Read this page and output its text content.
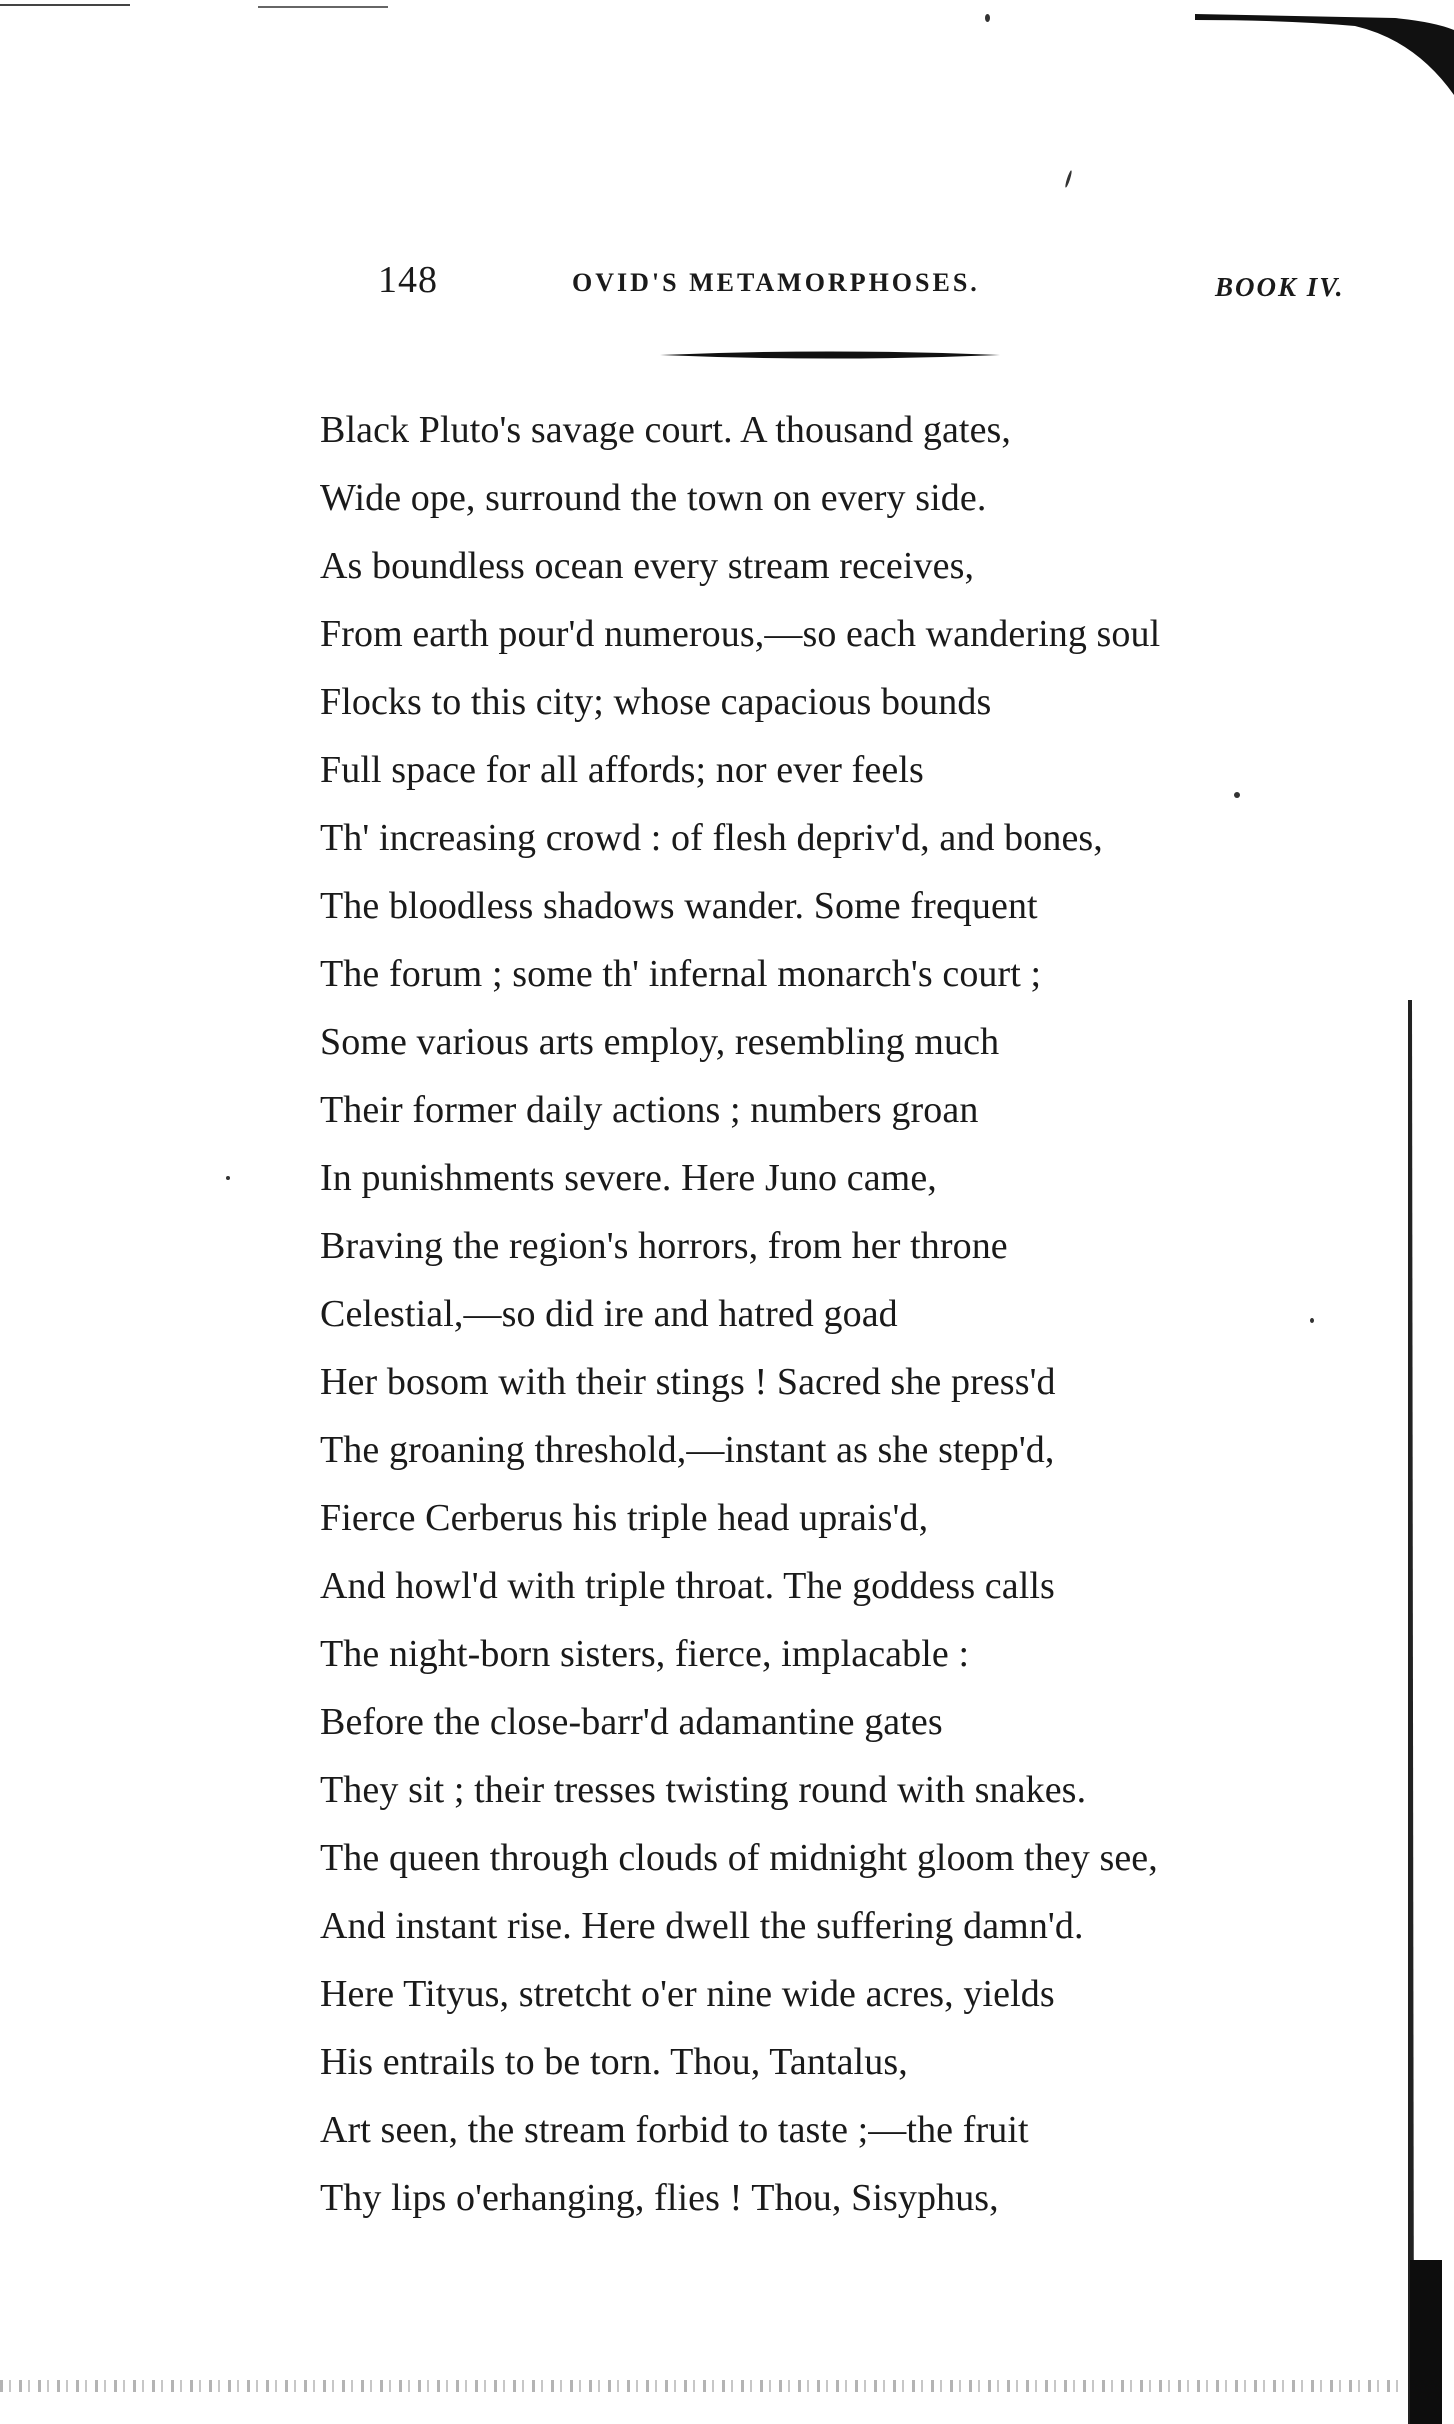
148	OVID'S METAMORPHOSES.	BOOK IV.
Black Pluto's savage court. A thousand gates,
Wide ope, surround the town on every side.
As boundless ocean every stream receives,
From earth pour'd numerous,—so each wandering soul
Flocks to this city; whose capacious bounds
Full space for all affords; nor ever feels
Th' increasing crowd : of flesh depriv'd, and bones,
The bloodless shadows wander. Some frequent
The forum ; some th' infernal monarch's court ;
Some various arts employ, resembling much
Their former daily actions ; numbers groan
In punishments severe. Here Juno came,
Braving the region's horrors, from her throne
Celestial,—so did ire and hatred goad
Her bosom with their stings ! Sacred she press'd
The groaning threshold,—instant as she stepp'd,
Fierce Cerberus his triple head uprais'd,
And howl'd with triple throat. The goddess calls
The night-born sisters, fierce, implacable :
Before the close-barr'd adamantine gates
They sit ; their tresses twisting round with snakes.
The queen through clouds of midnight gloom they see,
And instant rise. Here dwell the suffering damn'd.
Here Tityus, stretcht o'er nine wide acres, yields
His entrails to be torn. Thou, Tantalus,
Art seen, the stream forbid to taste ;—the fruit
Thy lips o'erhanging, flies ! Thou, Sisyphus,
